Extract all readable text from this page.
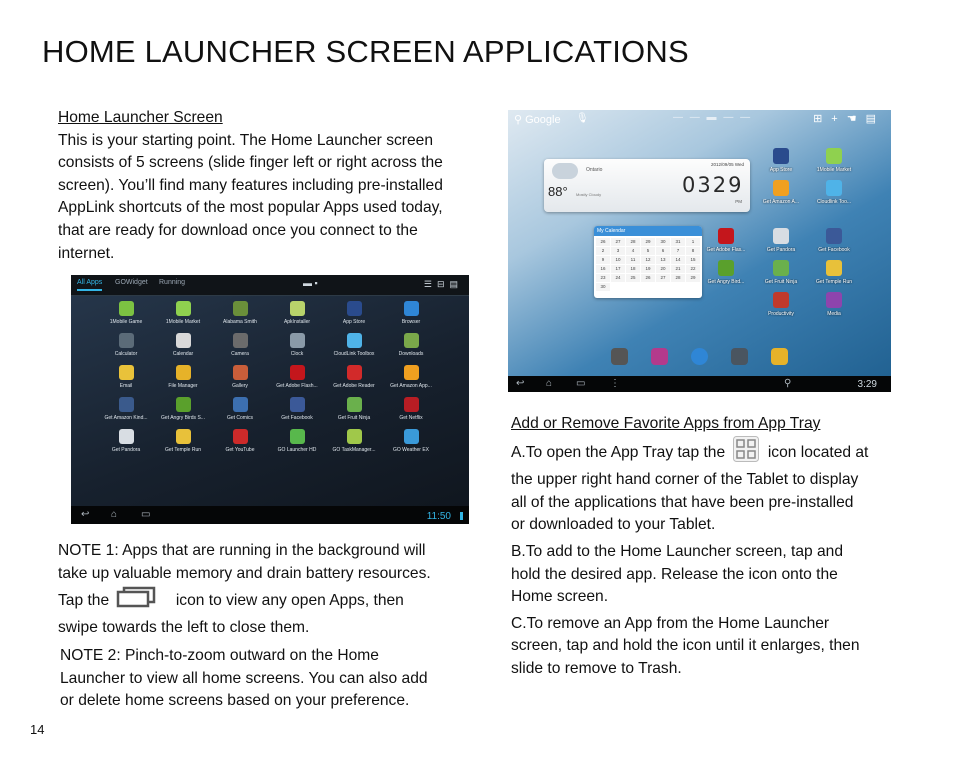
HOME LAUNCHER SCREEN APPLICATIONS
Home Launcher Screen
This is your starting point. The Home Launcher screen
consists of 5 screens (slide finger left or right across the
screen). You’ll find many features including pre-installed
AppLink shortcuts of the most popular Apps used today,
that are ready for download once you connect to the
internet.
All Apps GOWidget Running	▬ ▪	☰⊟▤
1Mobile Game	1Mobile Market	Alabama Smith	ApkInstaller	App Store	Browser
Calculator	Calendar	Camera	Clock	CloudLink Toolbox	Downloads
Email	File Manager	Gallery	Get Adobe Flash...	Get Adobe Reader	Get Amazon App...
Get Amazon Kind...	Get Angry Birds S...	Get Comics	Get Facebook	Get Fruit Ninja	Get Netflix
Get Pandora	Get Temple Run	Get YouTube	GO Launcher HD	GO TaskManager...	GO Weather EX
↩ ⌂ ▭	11:50
NOTE 1: Apps that are running in the background will
take up valuable memory and drain battery resources.
Tap the	icon to view any open Apps, then
swipe towards the left to close them.
NOTE 2: Pinch-to-zoom outward on the Home
Launcher to view all home screens. You can also add
or delete home screens based on your preference.
⚲ Google 🎙	— — ▬ — —	⊞+☚▤
Ontario
88° Mostly Cloudy
2012/09/05 Wed
0329
PM
My Calendar
26	27	28	29	30	31	1
2	3	4	5	6	7	8
9	10	11	12	13	14	15
16	17	18	19	20	21	22
23	24	25	26	27	28	29
30
App Store	1Mobile Market
Get Amazon A...	Cloudlink Too...
Get Adobe Flas...	Get Pandora	Get Facebook
Get Angry Bird...	Get Fruit Ninja	Get Temple Run
Productivity	Media
↩ ⌂ ▭ ⋮	⚲	3:29
Add or Remove Favorite Apps from App Tray
A.To open the App Tray tap the	icon located at
the upper right hand corner of the Tablet to display
all of the applications that have been pre-installed
or downloaded to your Tablet.
B.To add to the Home Launcher screen, tap and
hold the desired app. Release the icon onto the
Home screen.
C.To remove an App from the Home Launcher
screen, tap and hold the icon until it enlarges, then
slide to remove to Trash.
14
